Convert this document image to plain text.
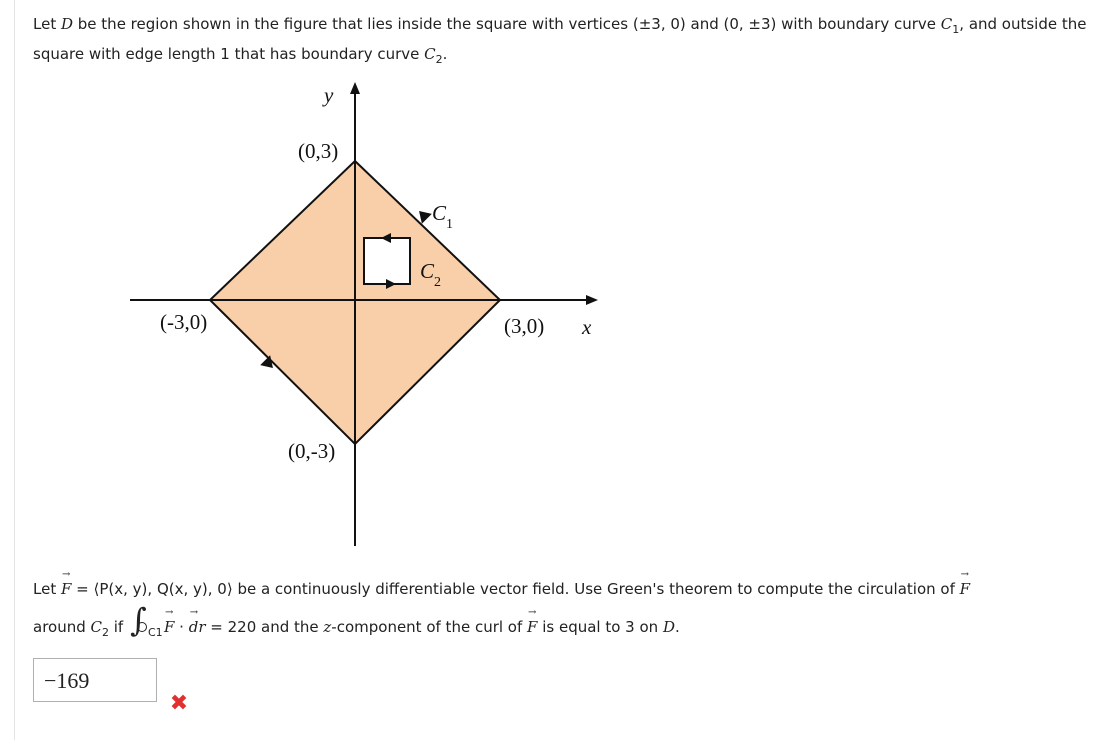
Let D be the region shown in the figure that lies inside the square with vertices (±3, 0) and (0, ±3) with boundary curve $C_1$, and outside the square with edge length 1 that has boundary curve $C_2$.
y
x
(0,3)
(0,-3)
(-3,0)	(3,0)
C 1
C 2
Let → F = ⟨P(x, y), Q(x, y), 0⟩ be a continuously differentiable vector field. Use Green's theorem to compute the circulation of → F
around $C_2$ if ∫ C1
→ F · → dr = 220 and the z-component of the curl of → F is equal to 3 on D.
−169
✖
